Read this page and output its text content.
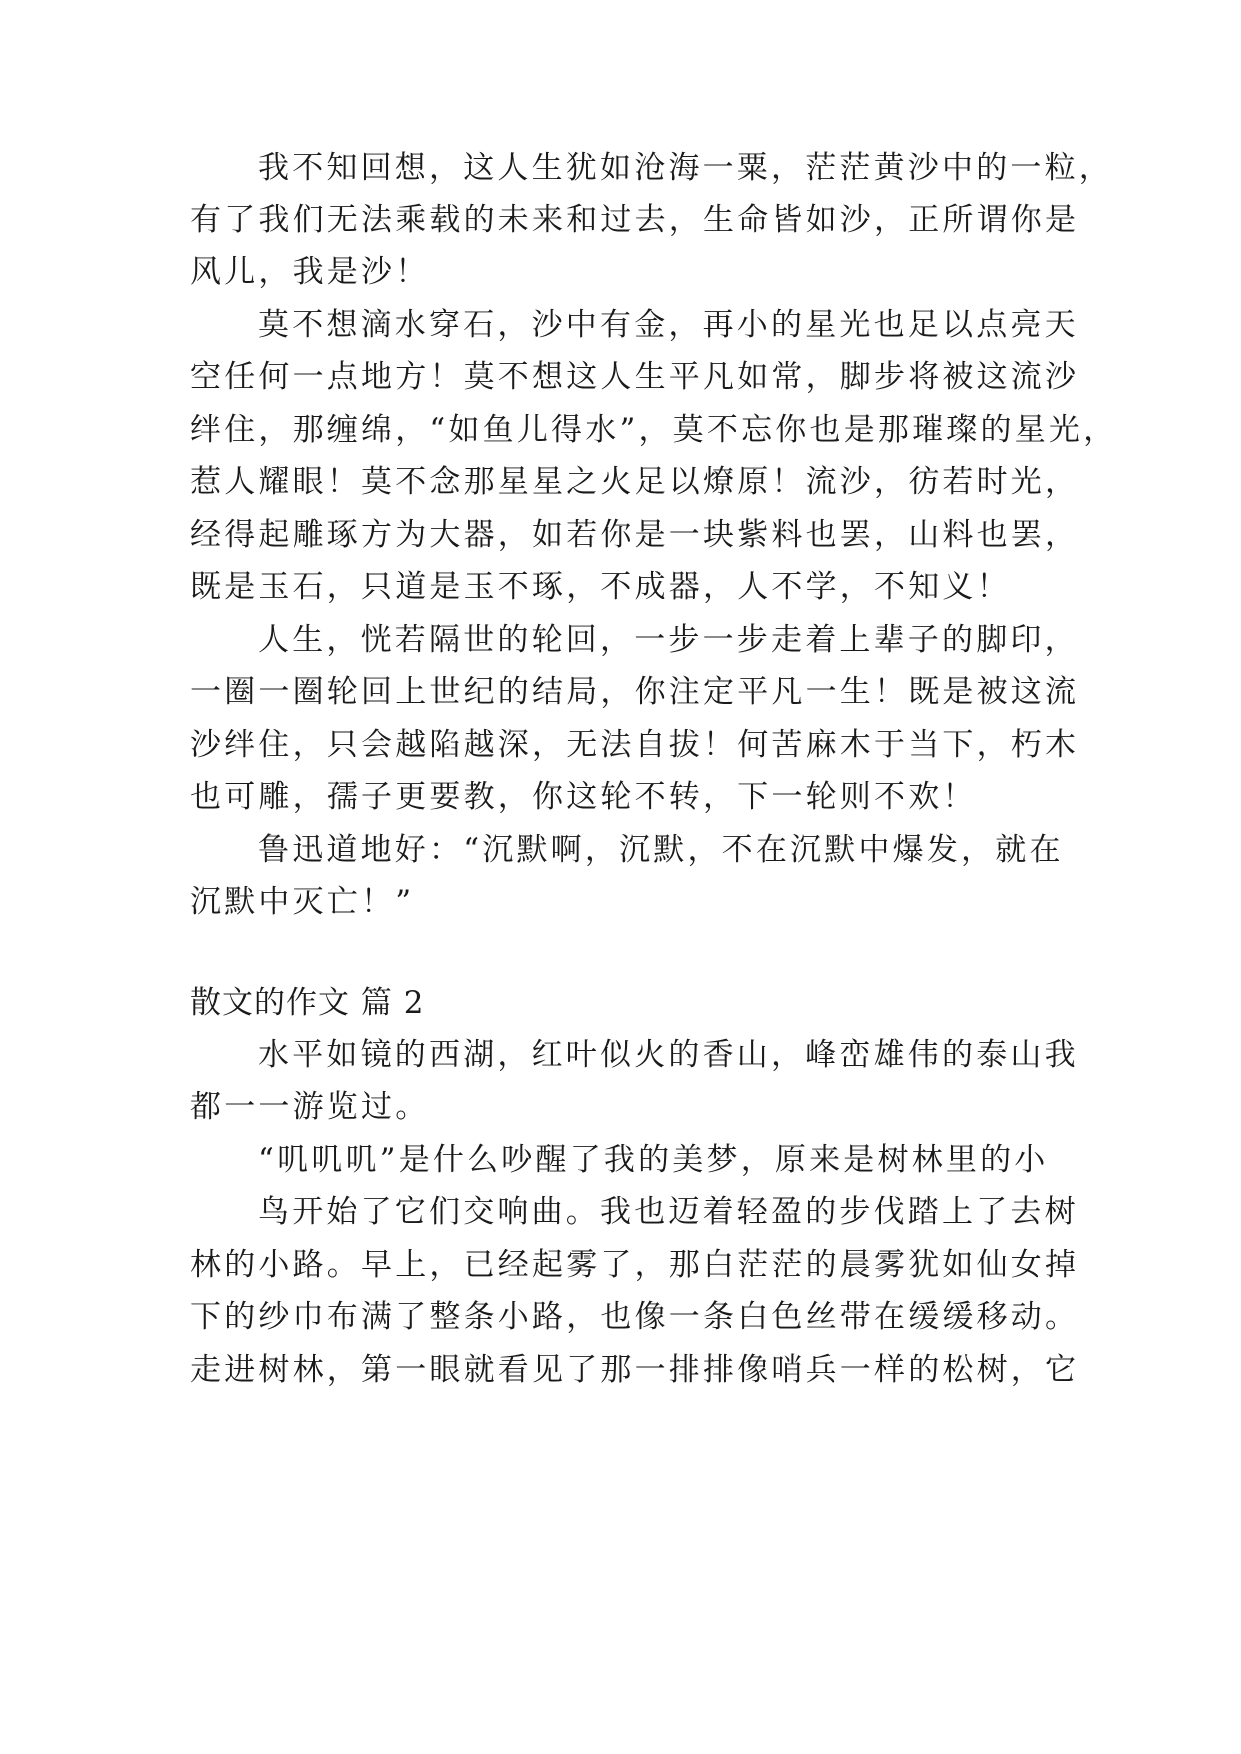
我不知回想，这人生犹如沧海一粟，茫茫黄沙中的一粒，
有了我们无法乘载的未来和过去，生命皆如沙，正所谓你是
风儿，我是沙！
莫不想滴水穿石，沙中有金，再小的星光也足以点亮天
空任何一点地方！莫不想这人生平凡如常，脚步将被这流沙
绊住，那缠绵，“如鱼儿得水”，莫不忘你也是那璀璨的星光，
惹人耀眼！莫不念那星星之火足以燎原！流沙，彷若时光，
经得起雕琢方为大器，如若你是一块紫料也罢，山料也罢，
既是玉石，只道是玉不琢，不成器，人不学，不知义！
人生，恍若隔世的轮回，一步一步走着上辈子的脚印，
一圈一圈轮回上世纪的结局，你注定平凡一生！既是被这流
沙绊住，只会越陷越深，无法自拔！何苦麻木于当下，朽木
也可雕，孺子更要教，你这轮不转，下一轮则不欢！
鲁迅道地好：“沉默啊，沉默，不在沉默中爆发，就在
沉默中灭亡！”
散文的作文 篇 2
水平如镜的西湖，红叶似火的香山，峰峦雄伟的泰山我
都一一游览过。
“叽叽叽”是什么吵醒了我的美梦，原来是树林里的小
鸟开始了它们交响曲。我也迈着轻盈的步伐踏上了去树
林的小路。早上，已经起雾了，那白茫茫的晨雾犹如仙女掉
下的纱巾布满了整条小路，也像一条白色丝带在缓缓移动。
走进树林，第一眼就看见了那一排排像哨兵一样的松树，它
